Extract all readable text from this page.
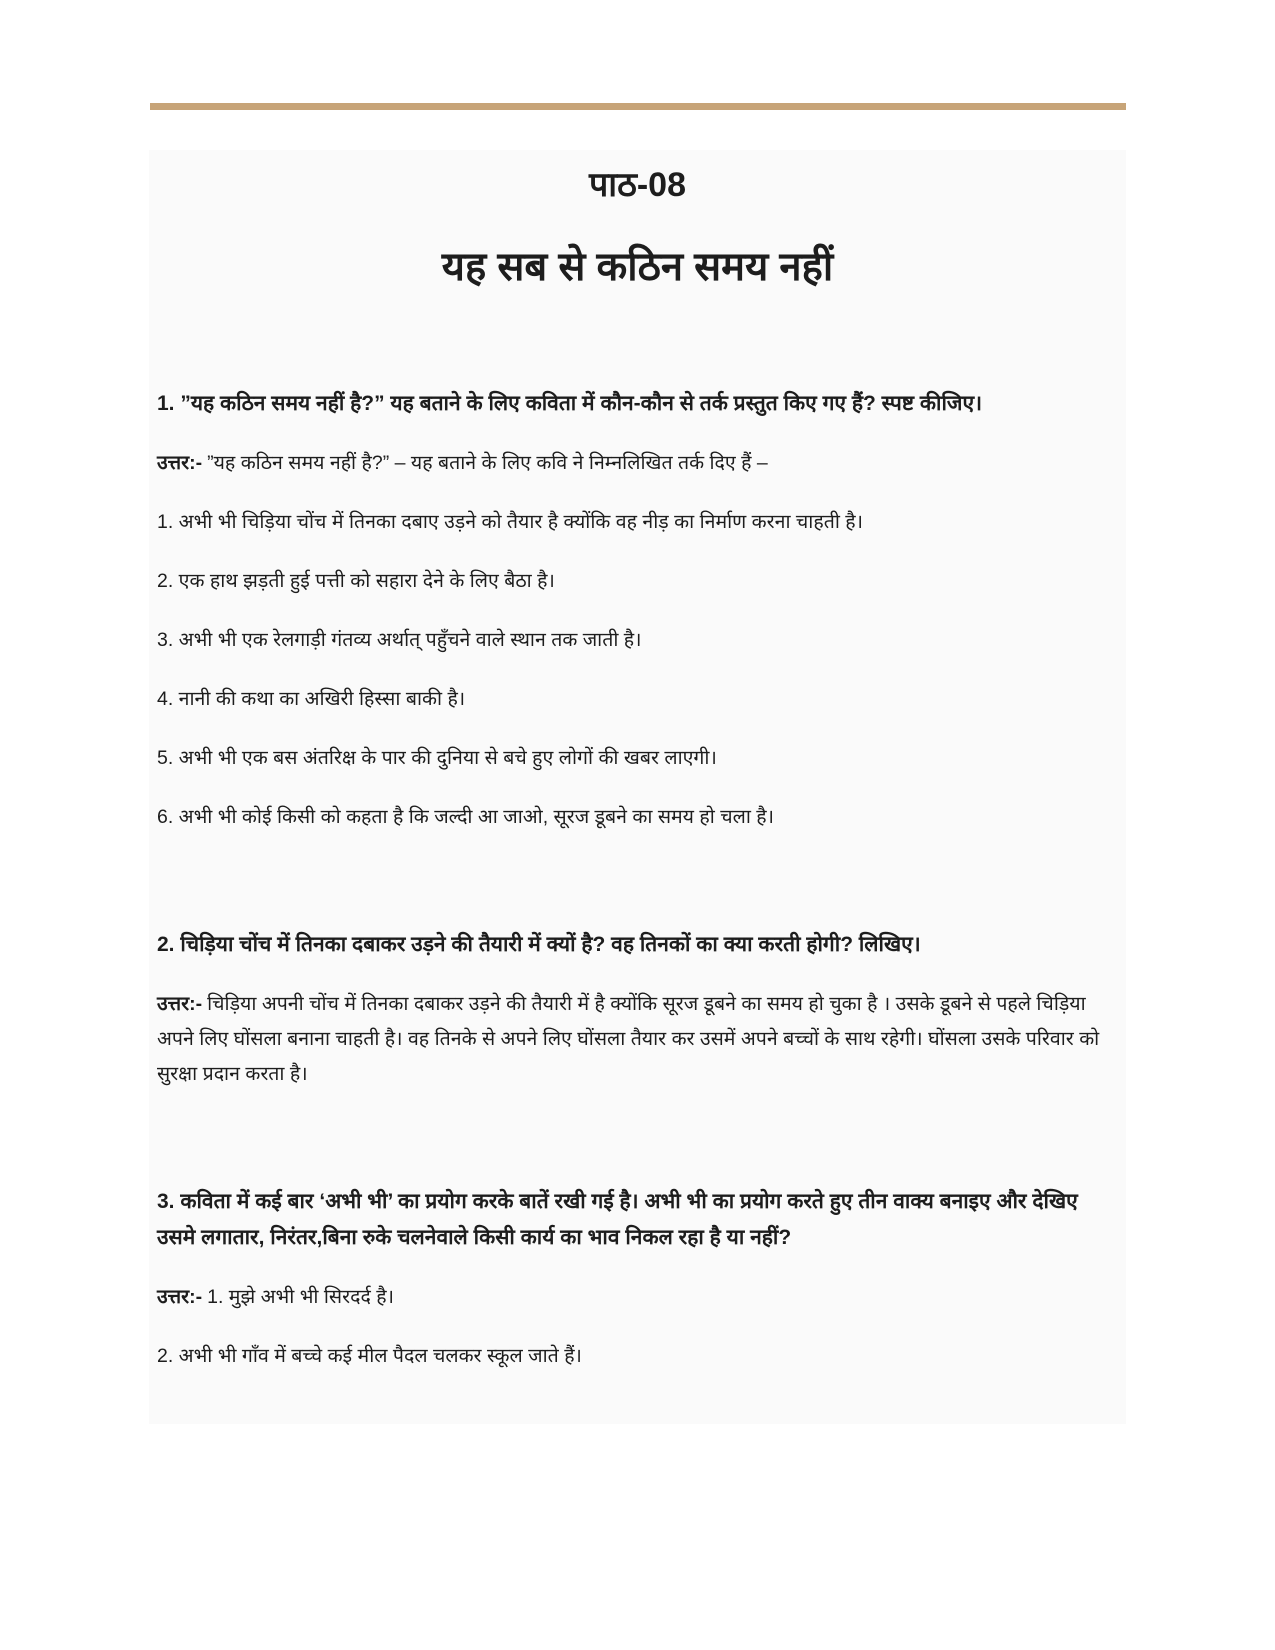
पाठ-08
यह सब से कठिन समय नहीं

1. ”यह कठिन समय नहीं है?” यह बताने के लिए कविता में कौन-कौन से तर्क प्रस्तुत किए गए हैं? स्पष्ट कीजिए।

उत्तर:- ”यह कठिन समय नहीं है?” – यह बताने के लिए कवि ने निम्नलिखित तर्क दिए हैं –

1. अभी भी चिड़िया चोंच में तिनका दबाए उड़ने को तैयार है क्योंकि वह नीड़ का निर्माण करना चाहती है।

2. एक हाथ झड़ती हुई पत्ती को सहारा देने के लिए बैठा है।

3. अभी भी एक रेलगाड़ी गंतव्य अर्थात् पहुँचने वाले स्थान तक जाती है।

4. नानी की कथा का अखिरी हिस्सा बाकी है।

5. अभी भी एक बस अंतरिक्ष के पार की दुनिया से बचे हुए लोगों की खबर लाएगी।

6. अभी भी कोई किसी को कहता है कि जल्दी आ जाओ, सूरज डूबने का समय हो चला है।

2. चिड़िया चोंच में तिनका दबाकर उड़ने की तैयारी में क्यों है? वह तिनकों का क्या करती होगी? लिखिए।

उत्तर:- चिड़िया अपनी चोंच में तिनका दबाकर उड़ने की तैयारी में है क्योंकि सूरज डूबने का समय हो चुका है । उसके डूबने से पहले चिड़िया अपने लिए घोंसला बनाना चाहती है। वह तिनके से अपने लिए घोंसला तैयार कर उसमें अपने बच्चों के साथ रहेगी। घोंसला उसके परिवार को सुरक्षा प्रदान करता है।

3. कविता में कई बार ‘अभी भी’ का प्रयोग करके बातें रखी गई है। अभी भी का प्रयोग करते हुए तीन वाक्य बनाइए और देखिए उसमे लगातार, निरंतर,बिना रुके चलनेवाले किसी कार्य का भाव निकल रहा है या नहीं?

उत्तर:- 1. मुझे अभी भी सिरदर्द है।

2. अभी भी गाँव में बच्चे कई मील पैदल चलकर स्कूल जाते हैं।
